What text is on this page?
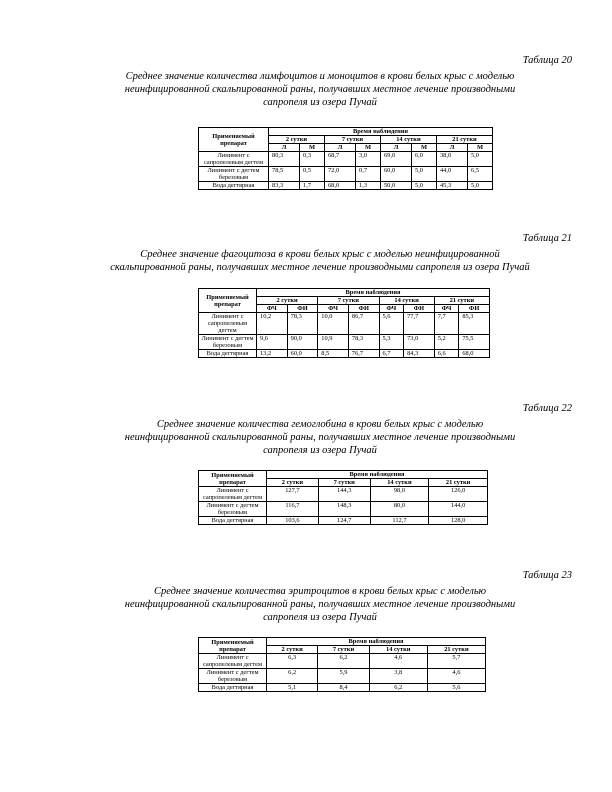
Таблица 20
Среднее значение количества лимфоцитов и моноцитов в крови белых крыс с моделью
неинфицированной скальпированной раны, получавших местное лечение производными
сапропеля из озера Пучай
Применяемый препарат	Время наблюдения							
	2 сутки		7 сутки		14 сутки		21 сутки	
	Л	М	Л	М	Л	М	Л	М
Линимент с сапропелевым дегтем	80,3	0,3	68,7	3,0	69,0	6,0	38,0	5,0
Линимент с дегтем березовым	78,5	0,5	72,0	0,7	60,0	5,0	44,0	6,5
Вода дегтярная	83,3	1,7	68,0	1,3	50,0	5,0	45,3	5,0
Таблица 21
Среднее значение фагоцитоза в крови белых крыс с моделью неинфицированной
скальпированной раны, получавших местное лечение производными сапропеля из озера Пучай
Применяемый препарат	Время наблюдения							
	2 сутки		7 сутки		14 сутки		21 сутки	
	ФЧ	ФИ	ФЧ	ФИ	ФЧ	ФИ	ФЧ	ФИ
Линимент с сапропелевым дегтем	10,2	78,3	10,0	86,7	5,6	77,7	7,7	85,3
Линимент с дегтем березовым	9,6	90,0	10,9	78,3	5,3	73,0	5,2	75,5
Вода дегтярная	13,2	60,0	8,5	76,7	6,7	84,3	6,6	68,0
Таблица 22
Среднее значение количества гемоглобина в крови белых крыс с моделью
неинфицированной скальпированной раны, получавших местное лечение производными
сапропеля из озера Пучай
Применяемый препарат	Время наблюдения			
	2 сутки	7 сутки	14 сутки	21 сутки
Линимент с сапропелевым дегтем	127,7	144,3	98,0	126,0
Линимент с дегтем березовым	116,7	148,3	80,0	144,0
Вода дегтярная	103,6	124,7	112,7	128,0
Таблица 23
Среднее значение количества эритроцитов в крови белых крыс с моделью
неинфицированной скальпированной раны, получавших местное лечение производными
сапропеля из озера Пучай
Применяемый препарат	Время наблюдения			
	2 сутки	7 сутки	14 сутки	21 сутки
Линимент с сапропелевым дегтем	6,3	6,2	4,6	5,7
Линимент с дегтем березовым	6,2	5,9	3,8	4,6
Вода дегтярная	5,1	8,4	6,2	5,6
